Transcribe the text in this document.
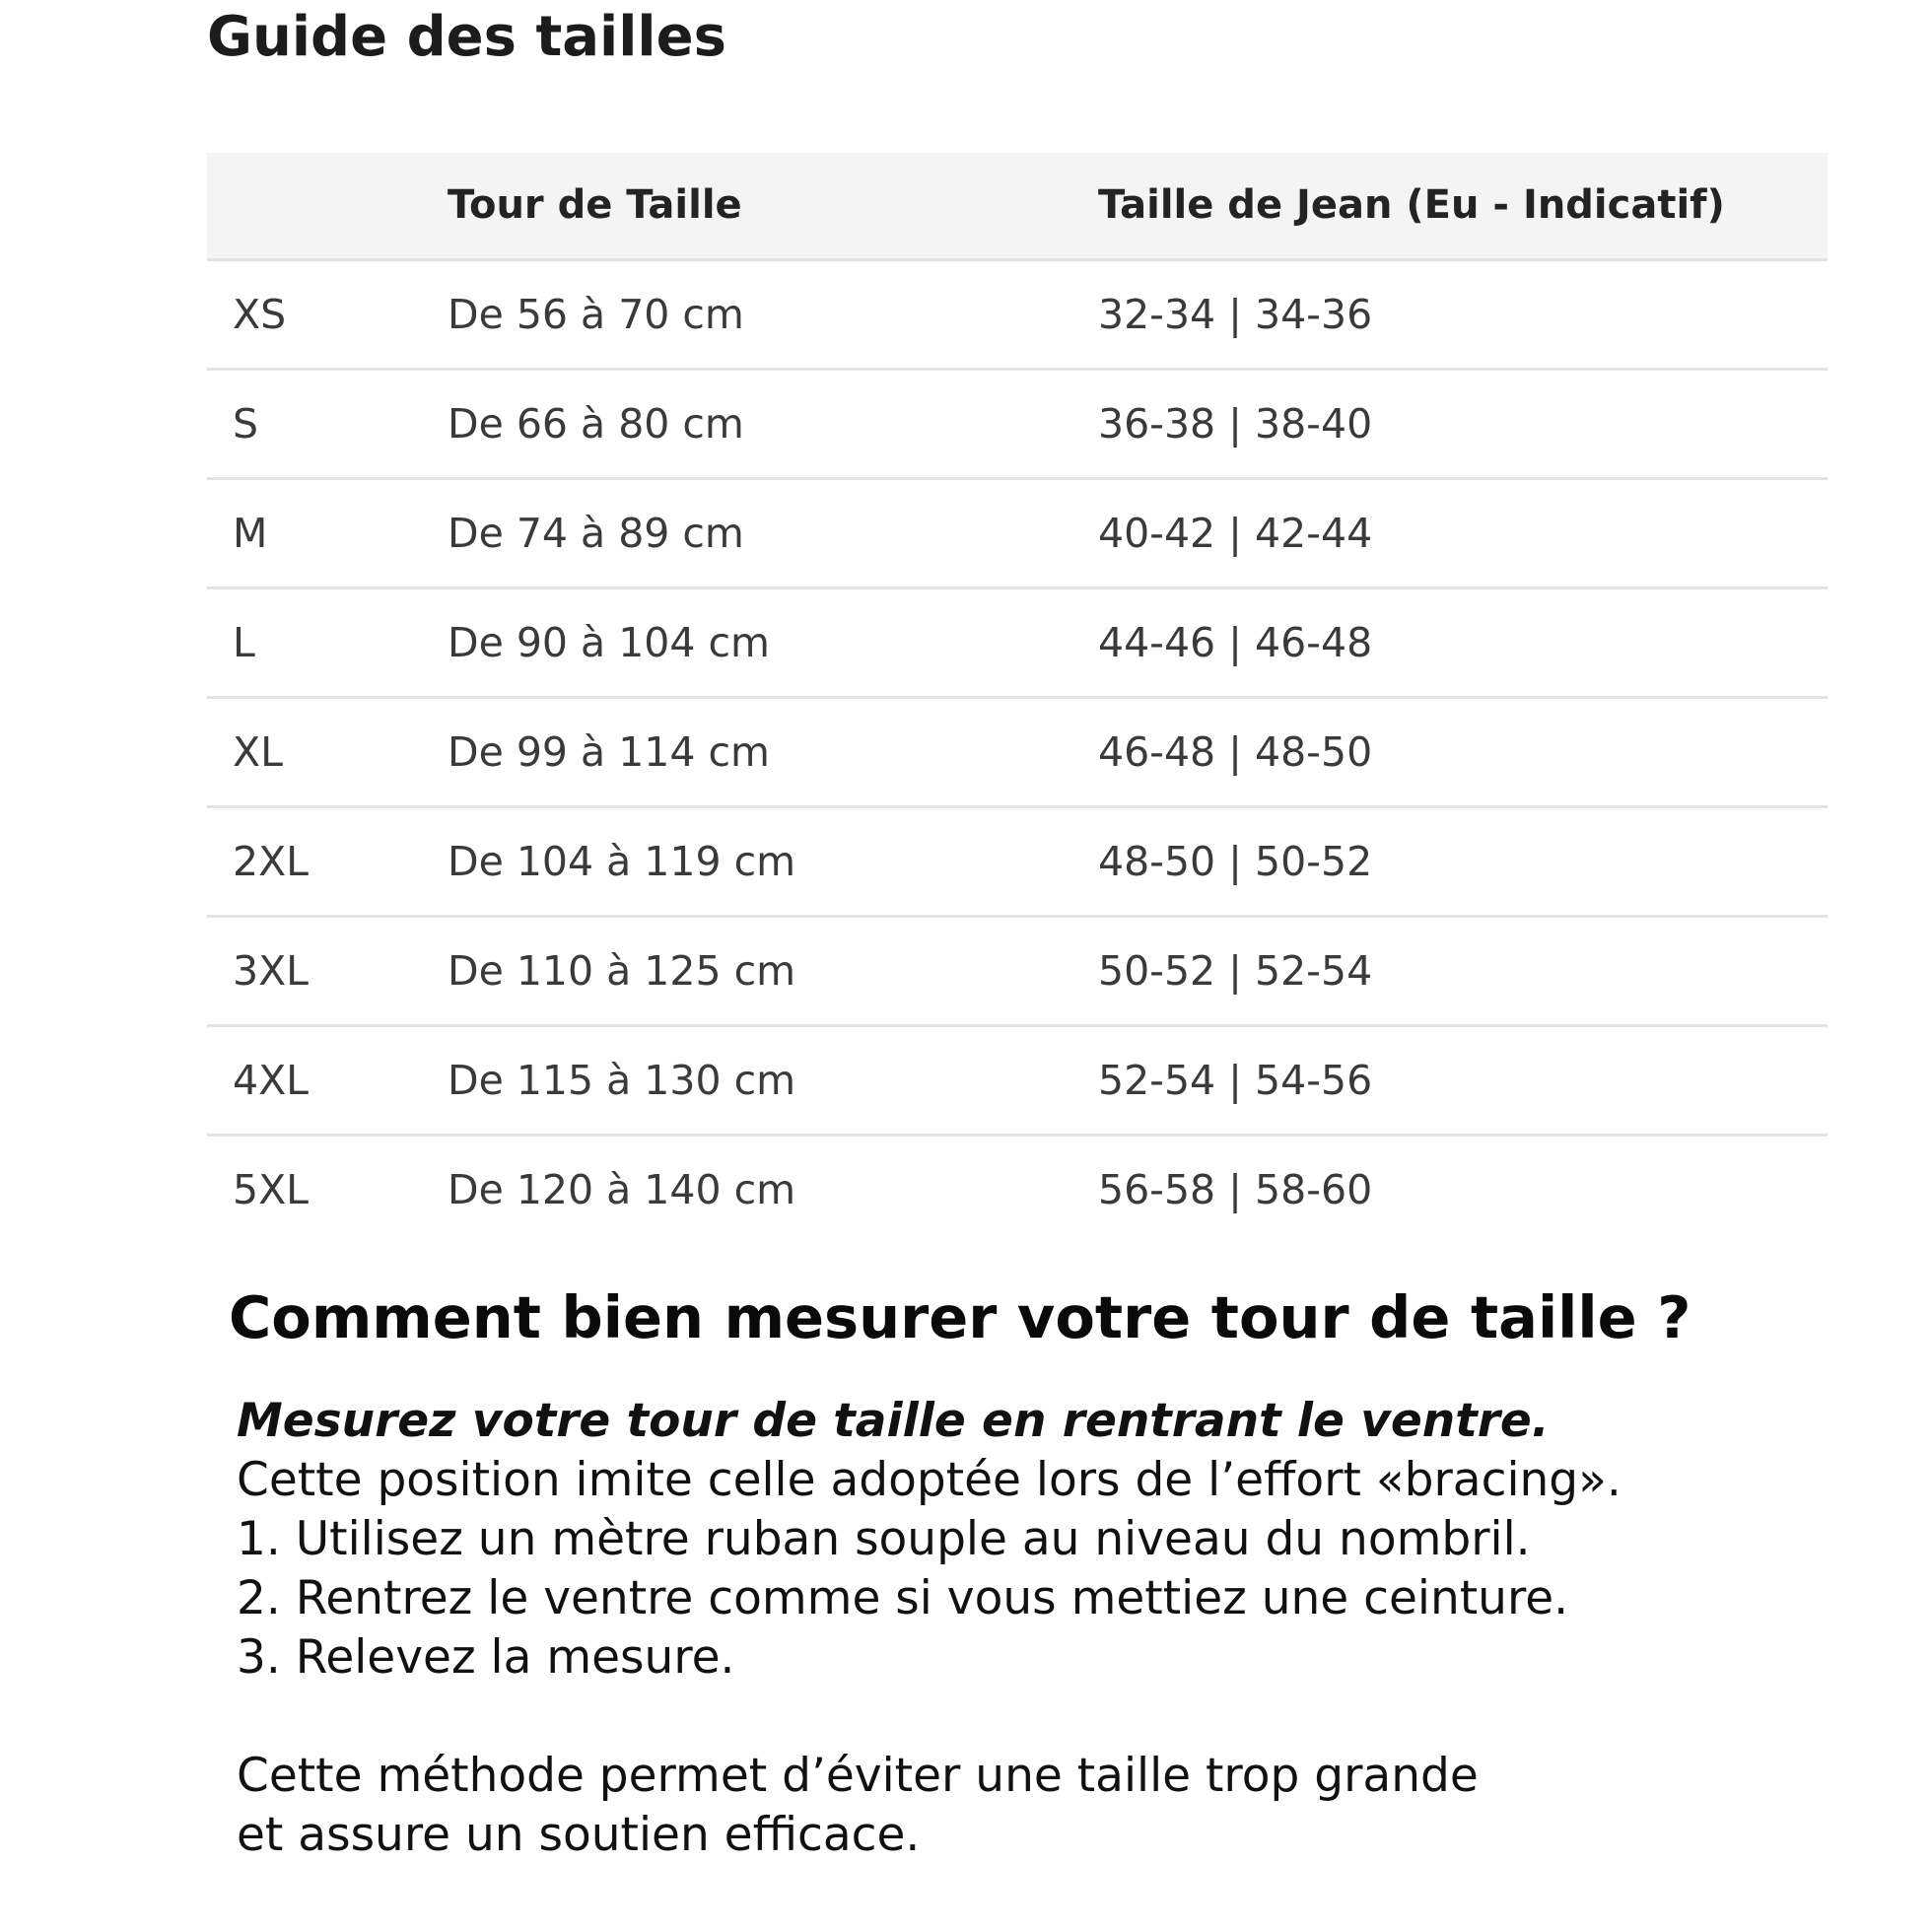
Guide des tailles
	Tour de Taille	Taille de Jean (Eu - Indicatif)
XS	De 56 à 70 cm	32-34 | 34-36
S	De 66 à 80 cm	36-38 | 38-40
M	De 74 à 89 cm	40-42 | 42-44
L	De 90 à 104 cm	44-46 | 46-48
XL	De 99 à 114 cm	46-48 | 48-50
2XL	De 104 à 119 cm	48-50 | 50-52
3XL	De 110 à 125 cm	50-52 | 52-54
4XL	De 115 à 130 cm	52-54 | 54-56
5XL	De 120 à 140 cm	56-58 | 58-60
Comment bien mesurer votre tour de taille ?

Mesurez votre tour de taille en rentrant le ventre.

Cette position imite celle adoptée lors de l’effort «bracing».

1. Utilisez un mètre ruban souple au niveau du nombril.

2. Rentrez le ventre comme si vous mettiez une ceinture.

3. Relevez la mesure.

Cette méthode permet d’éviter une taille trop grande

et assure un soutien efficace.
